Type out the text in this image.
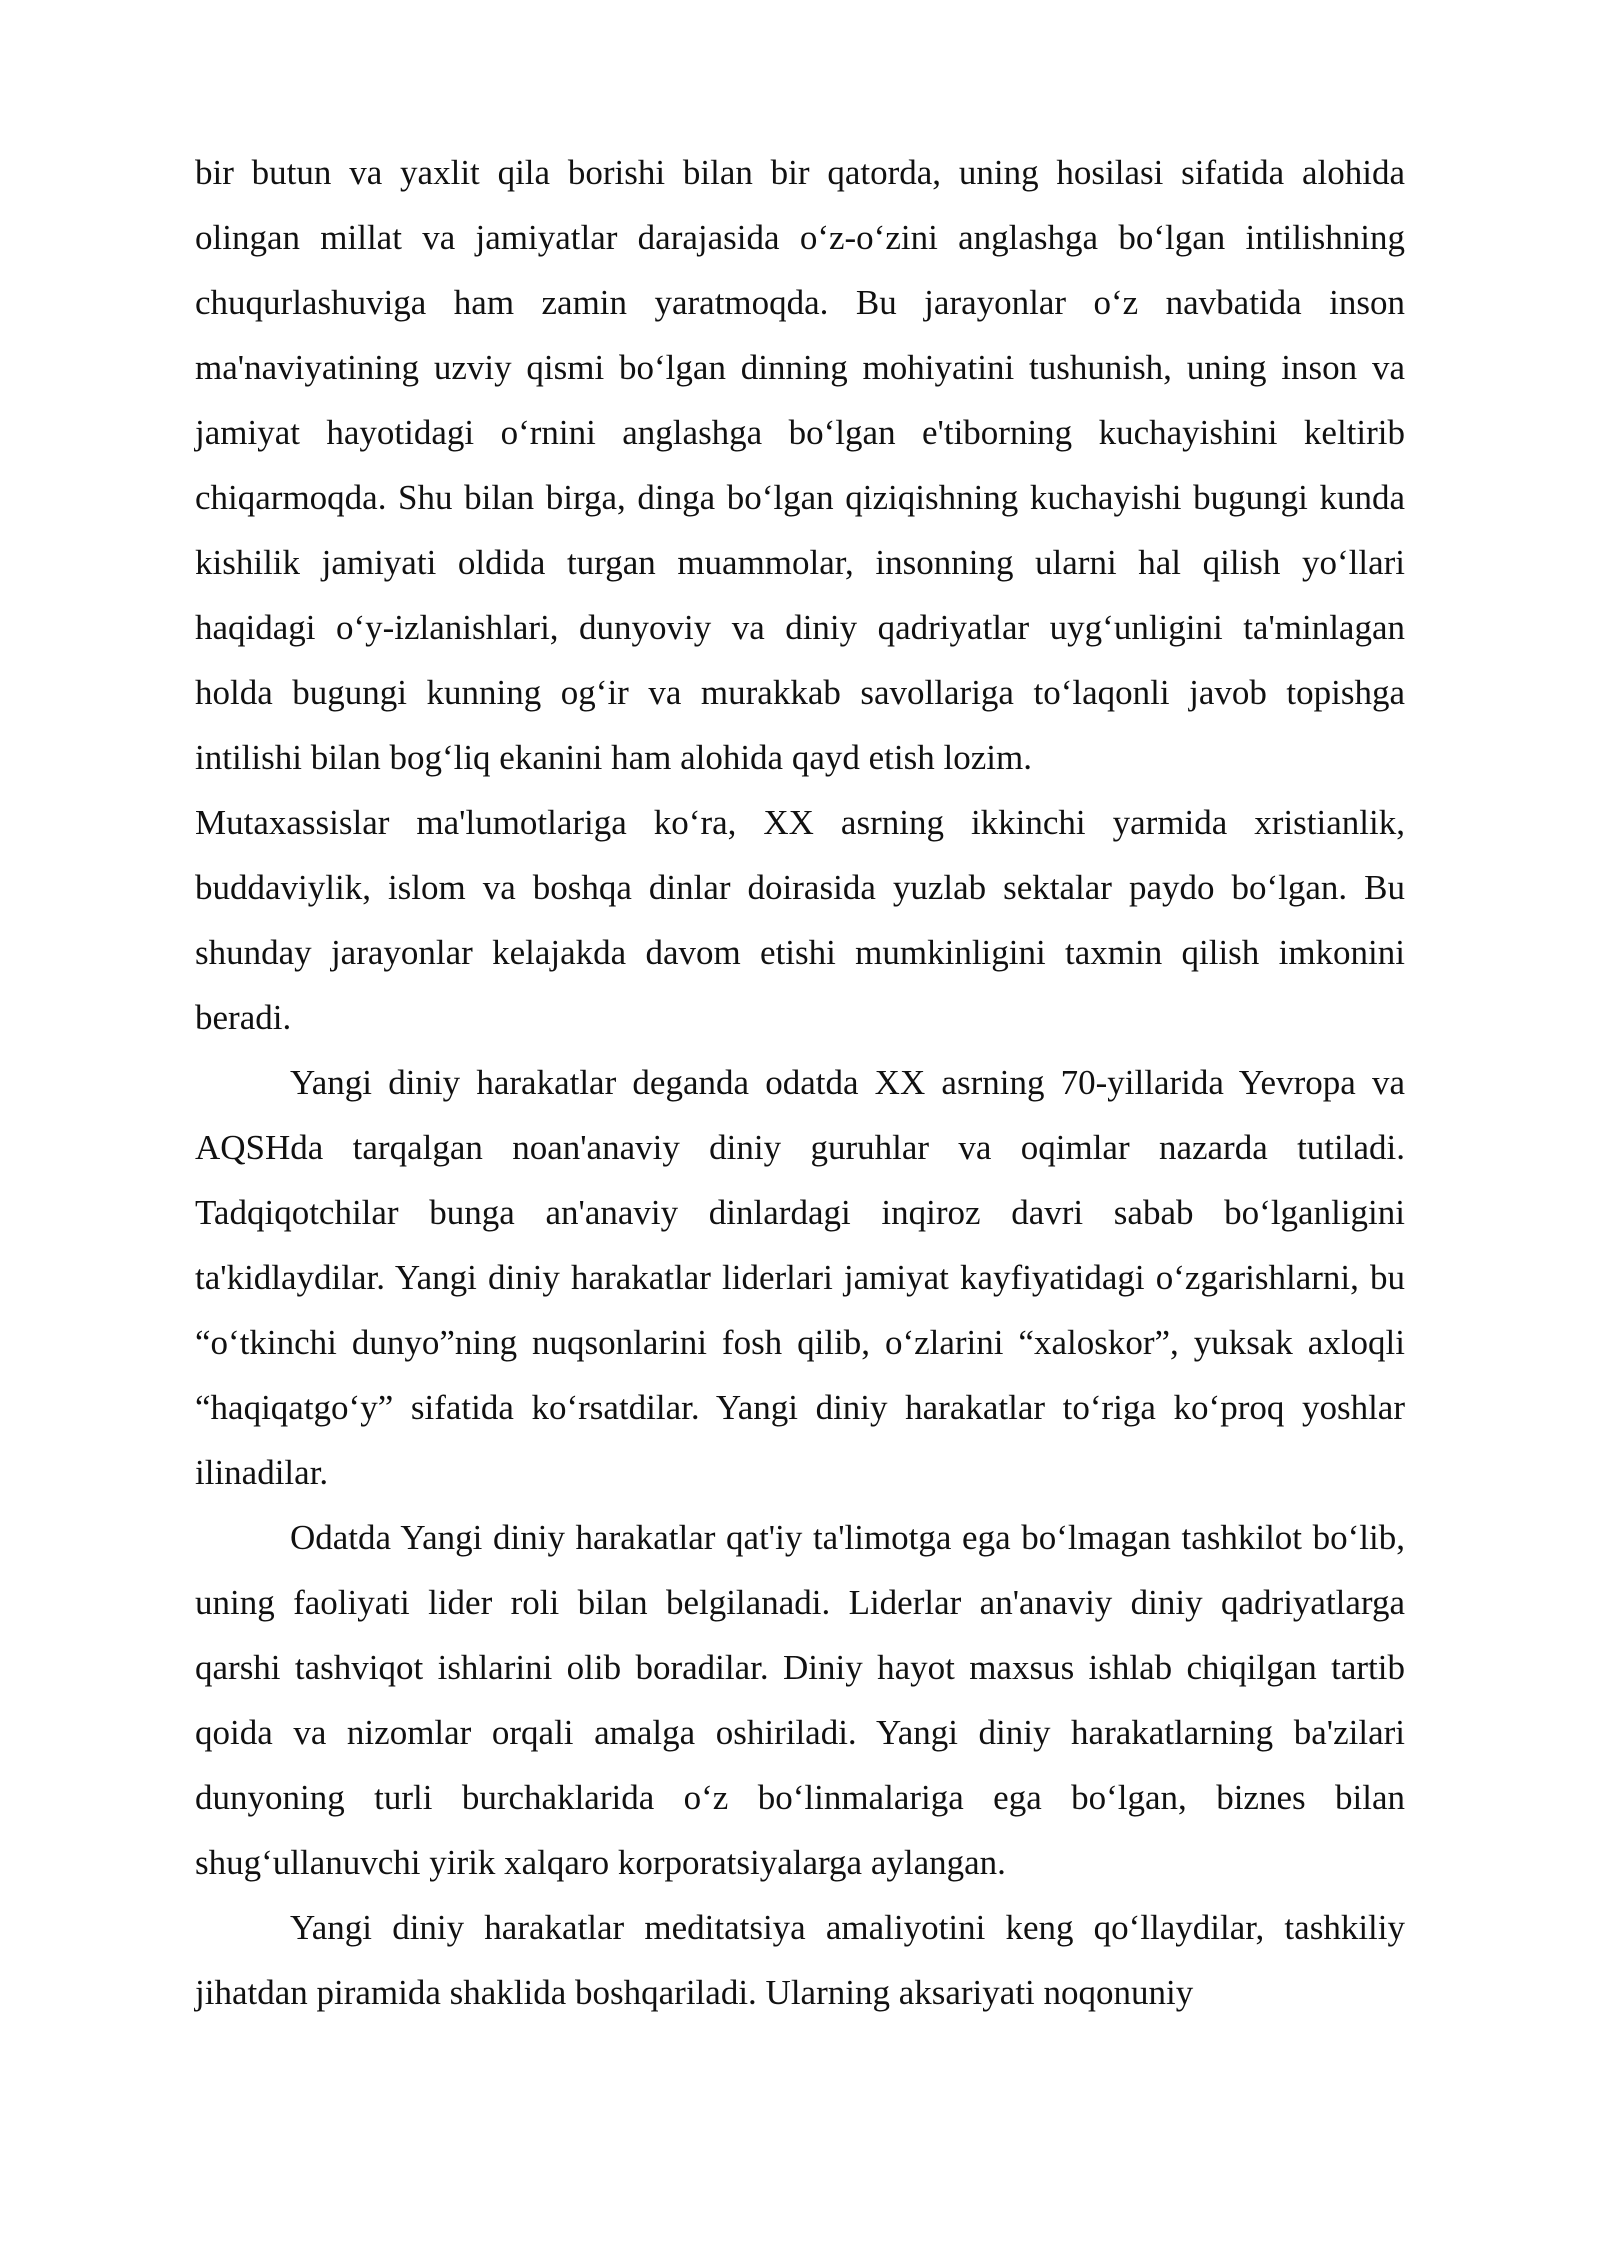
bir butun va yaxlit qila borishi bilan bir qatorda, uning hosilasi sifatida alohida olingan millat va jamiyatlar darajasida o‘z-o‘zini anglashga bo‘lgan intilishning chuqurlashuviga ham zamin yaratmoqda. Bu jarayonlar o‘z navbatida inson ma'naviyatining uzviy qismi bo‘lgan dinning mohiyatini tushunish, uning inson va jamiyat hayotidagi o‘rnini anglashga bo‘lgan e'tiborning kuchayishini keltirib chiqarmoqda. Shu bilan birga, dinga bo‘lgan qiziqishning kuchayishi bugungi kunda kishilik jamiyati oldida turgan muammolar, insonning ularni hal qilish yo‘llari haqidagi o‘y-izlanishlari, dunyoviy va diniy qadriyatlar uyg‘unligini ta'minlagan holda bugungi kunning og‘ir va murakkab savollariga to‘laqonli javob topishga intilishi bilan bog‘liq ekanini ham alohida qayd etish lozim.

Mutaxassislar ma'lumotlariga ko‘ra, XX asrning ikkinchi yarmida xristianlik, buddaviylik, islom va boshqa dinlar doirasida yuzlab sektalar paydo bo‘lgan. Bu shunday jarayonlar kelajakda davom etishi mumkinligini taxmin qilish imkonini beradi.

Yangi diniy harakatlar deganda odatda XX asrning 70-yillarida Yevropa va AQSHda tarqalgan noan'anaviy diniy guruhlar va oqimlar nazarda tutiladi. Tadqiqotchilar bunga an'anaviy dinlardagi inqiroz davri sabab bo‘lganligini ta'kidlaydilar. Yangi diniy harakatlar liderlari jamiyat kayfiyatidagi o‘zgarishlarni, bu “o‘tkinchi dunyo”ning nuqsonlarini fosh qilib, o‘zlarini “xaloskor”, yuksak axloqli “haqiqatgo‘y” sifatida ko‘rsatdilar. Yangi diniy harakatlar to‘riga ko‘proq yoshlar ilinadilar.

Odatda Yangi diniy harakatlar qat'iy ta'limotga ega bo‘lmagan tashkilot bo‘lib, uning faoliyati lider roli bilan belgilanadi. Liderlar an'anaviy diniy qadriyatlarga qarshi tashviqot ishlarini olib boradilar. Diniy hayot maxsus ishlab chiqilgan tartib qoida va nizomlar orqali amalga oshiriladi. Yangi diniy harakatlarning ba'zilari dunyoning turli burchaklarida o‘z bo‘linmalariga ega bo‘lgan, biznes bilan shug‘ullanuvchi yirik xalqaro korporatsiyalarga aylangan.

Yangi diniy harakatlar meditatsiya amaliyotini keng qo‘llaydilar, tashkiliy jihatdan piramida shaklida boshqariladi. Ularning aksariyati noqonuniy
